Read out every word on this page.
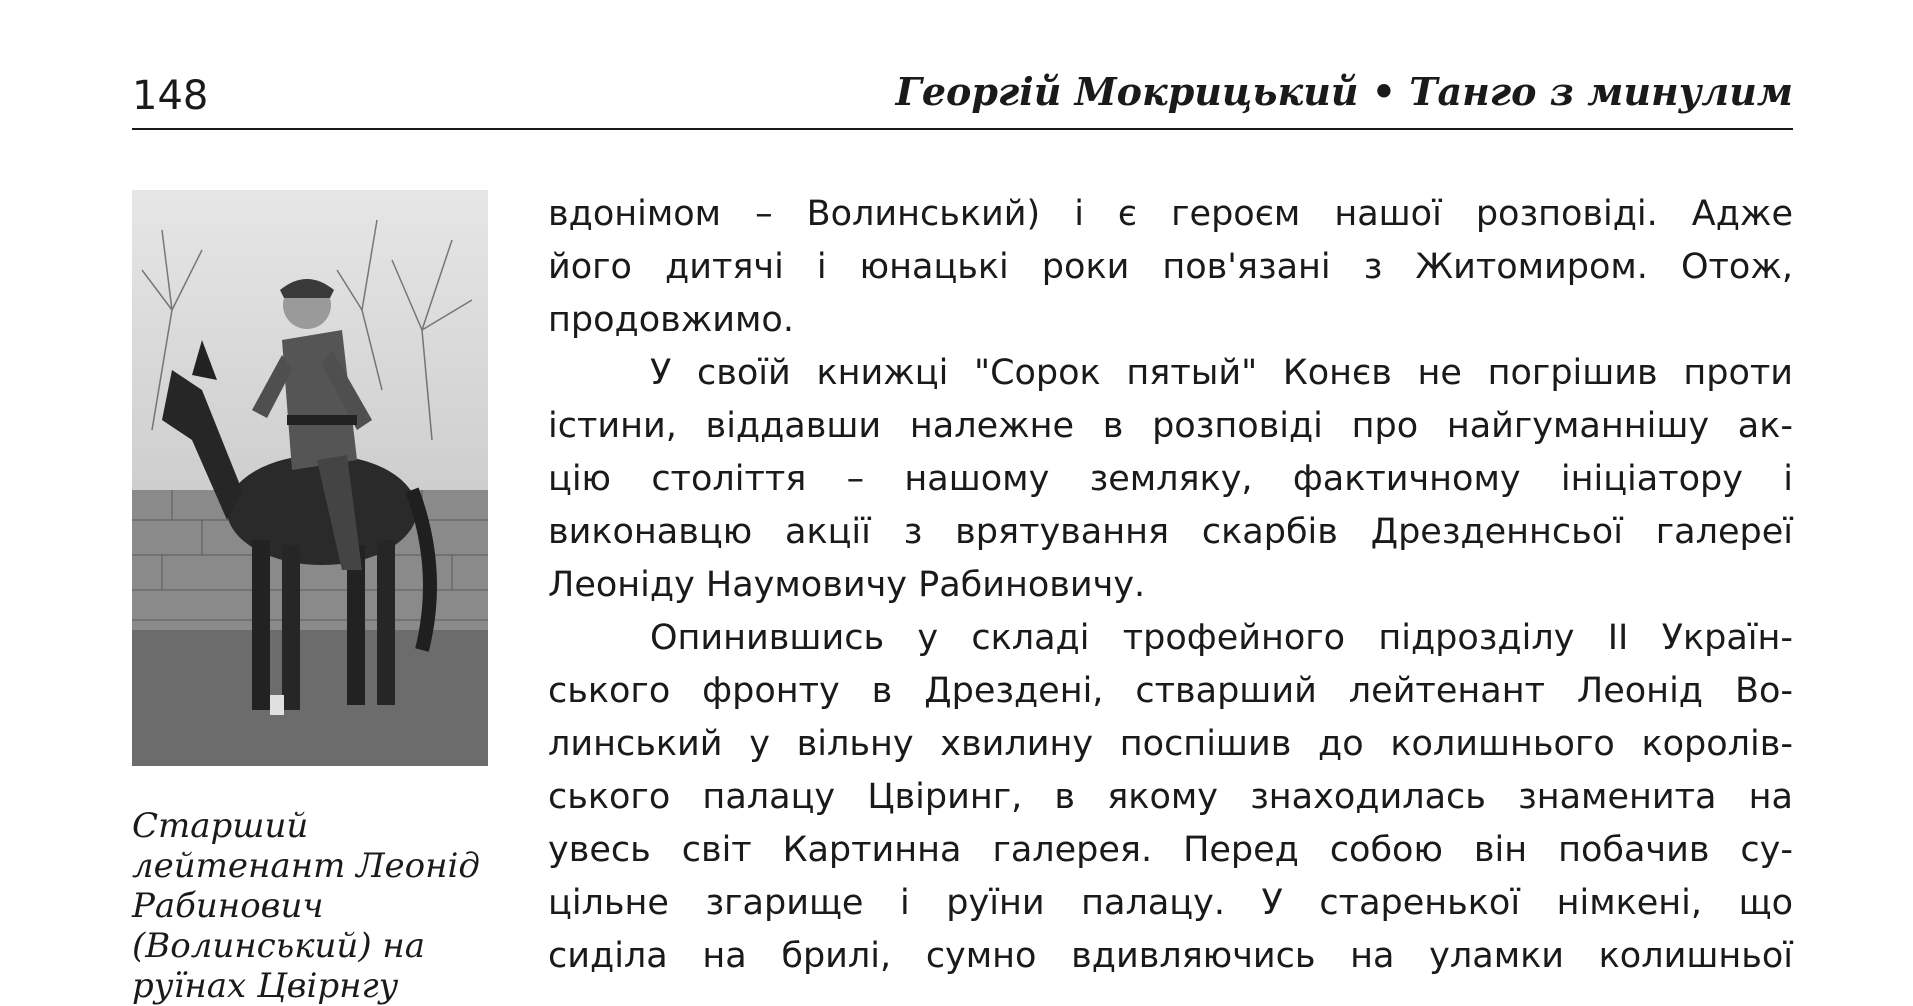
148	Георгій Мокрицький • Танго з минулим
Старший
лейтенант Леонід
Рабинович
(Волинський) на
руїнах Цвірнгу
вдонімом – Волинський) і є героєм нашої розповіді. Адже
його дитячі і юнацькі роки пов'язані з Житомиром. Отож,
продовжимо.
У своїй книжці "Сорок пятый" Конєв не погрішив проти
істини, віддавши належне в розповіді про найгуманнішу ак-
цію століття – нашому земляку, фактичному ініціатору і
виконавцю акції з врятування скарбів Дрезденнсьої галереї
Леоніду Наумовичу Рабиновичу.
Опинившись у складі трофейного підрозділу ІІ Україн-
ського фронту в Дрездені, стварший лейтенант Леонід Во-
линський у вільну хвилину поспішив до колишнього королів-
ського палацу Цвіринг, в якому знаходилась знаменита на
увесь світ Картинна галерея. Перед собою він побачив су-
цільне згарище і руїни палацу. У старенької німкені, що
сиділа на брилі, сумно вдивляючись на уламки колишньої
